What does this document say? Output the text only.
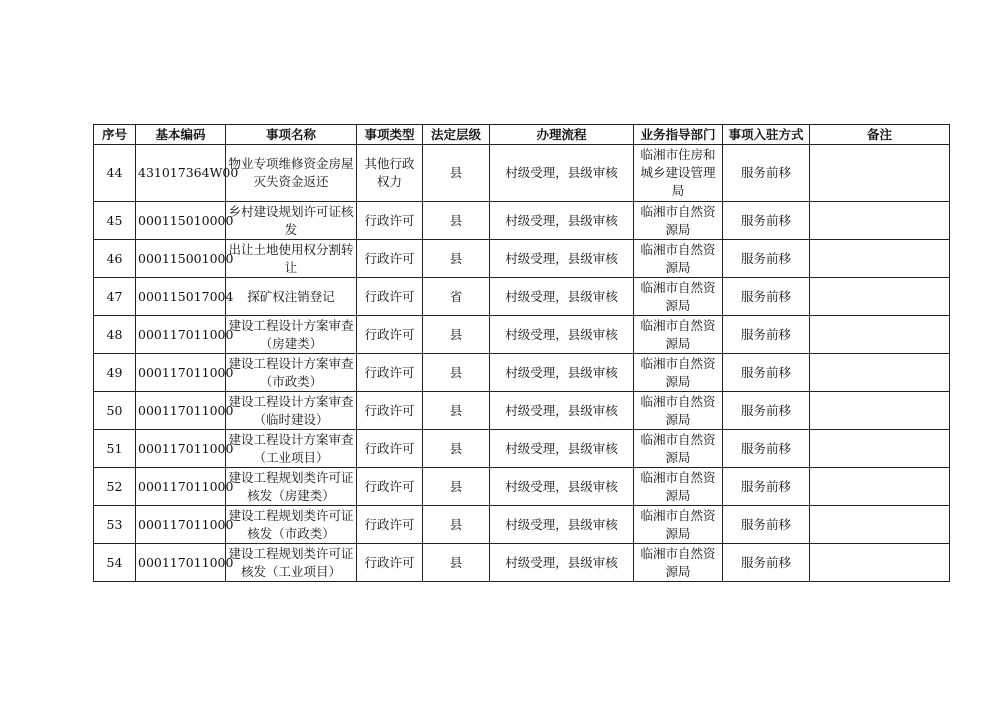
序号	基本编码	事项名称	事项类型	法定层级	办理流程	业务指导部门	事项入驻方式	备注
44	431017364W00	物业专项维修资金房屋灭失资金返还	其他行政权力	县	村级受理，县级审核	临湘市住房和城乡建设管理局	服务前移	
45	000115010000	乡村建设规划许可证核发	行政许可	县	村级受理，县级审核	临湘市自然资源局	服务前移	
46	000115001000	出让土地使用权分割转让	行政许可	县	村级受理，县级审核	临湘市自然资源局	服务前移	
47	000115017004	探矿权注销登记	行政许可	省	村级受理，县级审核	临湘市自然资源局	服务前移	
48	000117011000	建设工程设计方案审查（房建类）	行政许可	县	村级受理，县级审核	临湘市自然资源局	服务前移	
49	000117011000	建设工程设计方案审查（市政类）	行政许可	县	村级受理，县级审核	临湘市自然资源局	服务前移	
50	000117011000	建设工程设计方案审查（临时建设）	行政许可	县	村级受理，县级审核	临湘市自然资源局	服务前移	
51	000117011000	建设工程设计方案审查（工业项目）	行政许可	县	村级受理，县级审核	临湘市自然资源局	服务前移	
52	000117011000	建设工程规划类许可证核发（房建类）	行政许可	县	村级受理，县级审核	临湘市自然资源局	服务前移	
53	000117011000	建设工程规划类许可证核发（市政类）	行政许可	县	村级受理，县级审核	临湘市自然资源局	服务前移	
54	000117011000	建设工程规划类许可证核发（工业项目）	行政许可	县	村级受理，县级审核	临湘市自然资源局	服务前移	
